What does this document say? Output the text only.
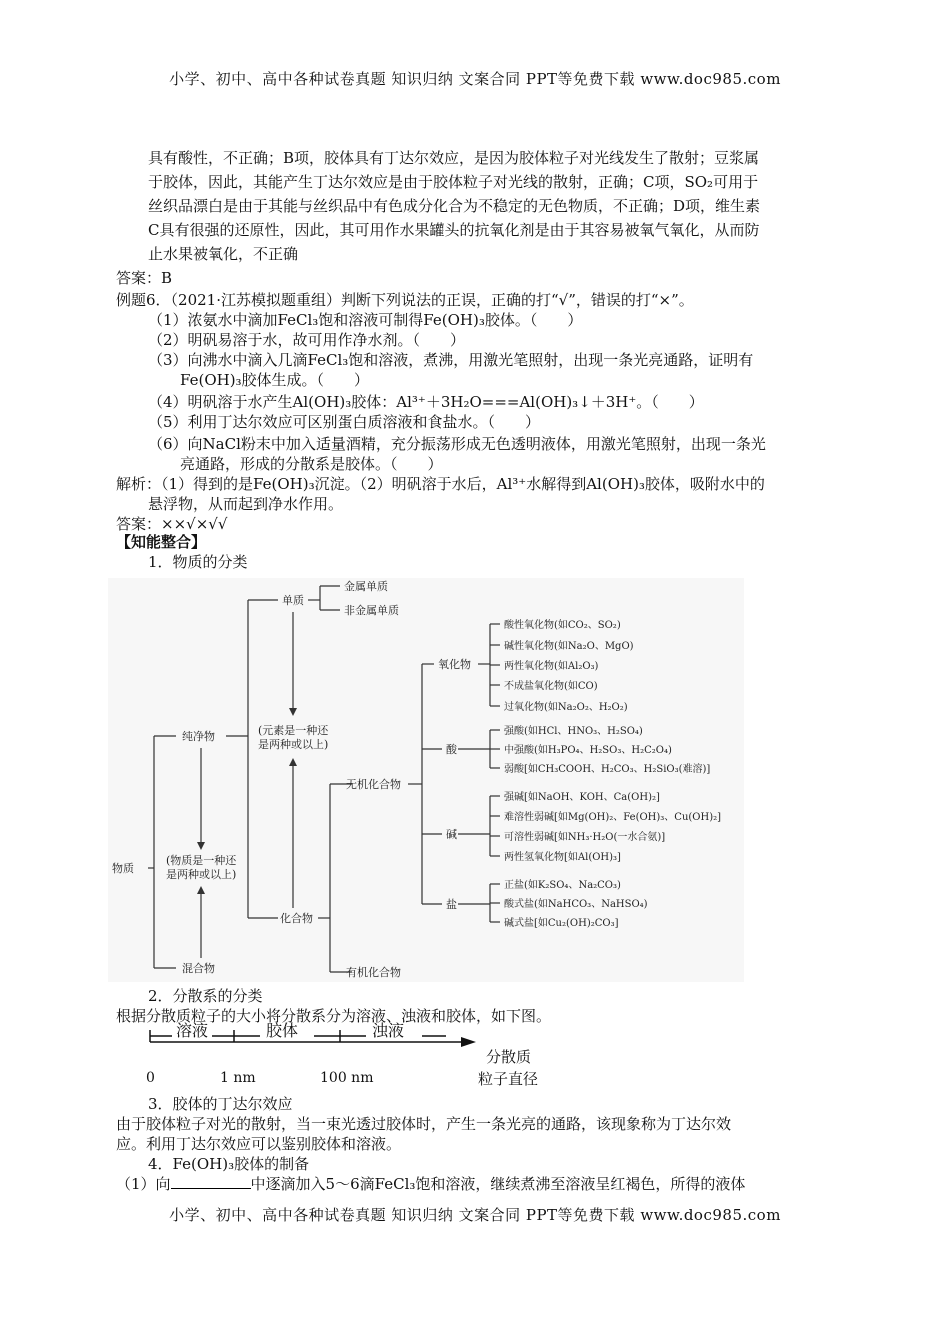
小学、初中、高中各种试卷真题 知识归纳 文案合同 PPT等免费下载 www.doc985.com
具有酸性，不正确；B项，胶体具有丁达尔效应，是因为胶体粒子对光线发生了散射；豆浆属
于胶体，因此，其能产生丁达尔效应是由于胶体粒子对光线的散射，正确；C项，SO₂可用于
丝织品漂白是由于其能与丝织品中有色成分化合为不稳定的无色物质，不正确；D项，维生素
C具有很强的还原性，因此，其可用作水果罐头的抗氧化剂是由于其容易被氧气氧化，从而防
止水果被氧化，不正确
答案：B
例题6．（2021·江苏模拟题重组）判断下列说法的正误，正确的打“√”，错误的打“×”。
（1）浓氨水中滴加FeCl₃饱和溶液可制得Fe(OH)₃胶体。（　　）
（2）明矾易溶于水，故可用作净水剂。（　　）
（3）向沸水中滴入几滴FeCl₃饱和溶液，煮沸，用激光笔照射，出现一条光亮通路，证明有
Fe(OH)₃胶体生成。（　　）
（4）明矾溶于水产生Al(OH)₃胶体：Al³⁺＋3H₂O===Al(OH)₃↓＋3H⁺。（　　）
（5）利用丁达尔效应可区别蛋白质溶液和食盐水。（　　）
（6）向NaCl粉末中加入适量酒精，充分振荡形成无色透明液体，用激光笔照射，出现一条光
亮通路，形成的分散系是胶体。（　　）
解析：（1）得到的是Fe(OH)₃沉淀。（2）明矾溶于水后，Al³⁺水解得到Al(OH)₃胶体，吸附水中的
悬浮物，从而起到净水作用。
答案：××√×√√
【知能整合】
1．物质的分类
物质
(物质是一种还
是两种或以上)
纯净物
混合物
单质
(元素是一种还
是两种或以上)
化合物
金属单质
非金属单质
无机化合物
有机化合物
氧化物
酸
碱
盐
酸性氧化物(如CO₂、SO₂)
碱性氧化物(如Na₂O、MgO)
两性氧化物(如Al₂O₃)
不成盐氧化物(如CO)
过氧化物(如Na₂O₂、H₂O₂)
强酸(如HCl、HNO₃、H₂SO₄)
中强酸(如H₃PO₄、H₂SO₃、H₂C₂O₄)
弱酸[如CH₃COOH、H₂CO₃、H₂SiO₃(难溶)]
强碱[如NaOH、KOH、Ca(OH)₂]
难溶性弱碱[如Mg(OH)₂、Fe(OH)₃、Cu(OH)₂]
可溶性弱碱[如NH₃·H₂O(一水合氨)]
两性氢氧化物[如Al(OH)₃]
正盐(如K₂SO₄、Na₂CO₃)
酸式盐(如NaHCO₃、NaHSO₄)
碱式盐[如Cu₂(OH)₂CO₃]
2．分散系的分类
根据分散质粒子的大小将分散系分为溶液、浊液和胶体，如下图。
溶液	胶体	浊液
0	1 nm	100 nm
分散质
粒子直径
3．胶体的丁达尔效应
由于胶体粒子对光的散射，当一束光透过胶体时，产生一条光亮的通路，该现象称为丁达尔效
应。利用丁达尔效应可以鉴别胶体和溶液。
4．Fe(OH)₃胶体的制备
（1）向	中逐滴加入5～6滴FeCl₃饱和溶液，继续煮沸至溶液呈红褐色，所得的液体
小学、初中、高中各种试卷真题 知识归纳 文案合同 PPT等免费下载 www.doc985.com
